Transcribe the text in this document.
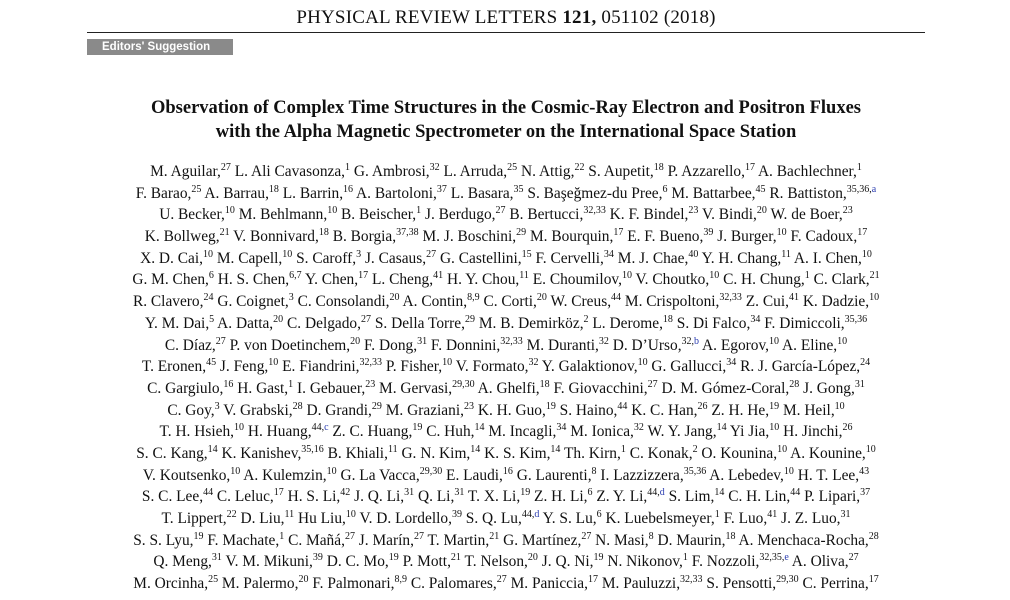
PHYSICAL REVIEW LETTERS 121, 051102 (2018)
Editors' Suggestion
Observation of Complex Time Structures in the Cosmic-Ray Electron and Positron Fluxes
with the Alpha Magnetic Spectrometer on the International Space Station
M. Aguilar,$^{27}$ L. Ali Cavasonza,$^1$ G. Ambrosi,$^{32}$ L. Arruda,$^{25}$ N. Attig,$^{22}$ S. Aupetit,$^{18}$ P. Azzarello,$^{17}$ A. Bachlechner,$^1$
F. Barao,$^{25}$ A. Barrau,$^{18}$ L. Barrin,$^{16}$ A. Bartoloni,$^{37}$ L. Basara,$^{35}$ S. Başeğmez-du Pree,$^6$ M. Battarbee,$^{45}$ R. Battiston,$^{35,36,a}$
U. Becker,$^{10}$ M. Behlmann,$^{10}$ B. Beischer,$^1$ J. Berdugo,$^{27}$ B. Bertucci,$^{32,33}$ K. F. Bindel,$^{23}$ V. Bindi,$^{20}$ W. de Boer,$^{23}$
K. Bollweg,$^{21}$ V. Bonnivard,$^{18}$ B. Borgia,$^{37,38}$ M. J. Boschini,$^{29}$ M. Bourquin,$^{17}$ E. F. Bueno,$^{39}$ J. Burger,$^{10}$ F. Cadoux,$^{17}$
X. D. Cai,$^{10}$ M. Capell,$^{10}$ S. Caroff,$^3$ J. Casaus,$^{27}$ G. Castellini,$^{15}$ F. Cervelli,$^{34}$ M. J. Chae,$^{40}$ Y. H. Chang,$^{11}$ A. I. Chen,$^{10}$
G. M. Chen,$^6$ H. S. Chen,$^{6,7}$ Y. Chen,$^{17}$ L. Cheng,$^{41}$ H. Y. Chou,$^{11}$ E. Choumilov,$^{10}$ V. Choutko,$^{10}$ C. H. Chung,$^1$ C. Clark,$^{21}$
R. Clavero,$^{24}$ G. Coignet,$^3$ C. Consolandi,$^{20}$ A. Contin,$^{8,9}$ C. Corti,$^{20}$ W. Creus,$^{44}$ M. Crispoltoni,$^{32,33}$ Z. Cui,$^{41}$ K. Dadzie,$^{10}$
Y. M. Dai,$^5$ A. Datta,$^{20}$ C. Delgado,$^{27}$ S. Della Torre,$^{29}$ M. B. Demirköz,$^2$ L. Derome,$^{18}$ S. Di Falco,$^{34}$ F. Dimiccoli,$^{35,36}$
C. Díaz,$^{27}$ P. von Doetinchem,$^{20}$ F. Dong,$^{31}$ F. Donnini,$^{32,33}$ M. Duranti,$^{32}$ D. D’Urso,$^{32,b}$ A. Egorov,$^{10}$ A. Eline,$^{10}$
T. Eronen,$^{45}$ J. Feng,$^{10}$ E. Fiandrini,$^{32,33}$ P. Fisher,$^{10}$ V. Formato,$^{32}$ Y. Galaktionov,$^{10}$ G. Gallucci,$^{34}$ R. J. García-López,$^{24}$
C. Gargiulo,$^{16}$ H. Gast,$^1$ I. Gebauer,$^{23}$ M. Gervasi,$^{29,30}$ A. Ghelfi,$^{18}$ F. Giovacchini,$^{27}$ D. M. Gómez-Coral,$^{28}$ J. Gong,$^{31}$
C. Goy,$^3$ V. Grabski,$^{28}$ D. Grandi,$^{29}$ M. Graziani,$^{23}$ K. H. Guo,$^{19}$ S. Haino,$^{44}$ K. C. Han,$^{26}$ Z. H. He,$^{19}$ M. Heil,$^{10}$
T. H. Hsieh,$^{10}$ H. Huang,$^{44,c}$ Z. C. Huang,$^{19}$ C. Huh,$^{14}$ M. Incagli,$^{34}$ M. Ionica,$^{32}$ W. Y. Jang,$^{14}$ Yi Jia,$^{10}$ H. Jinchi,$^{26}$
S. C. Kang,$^{14}$ K. Kanishev,$^{35,16}$ B. Khiali,$^{11}$ G. N. Kim,$^{14}$ K. S. Kim,$^{14}$ Th. Kirn,$^1$ C. Konak,$^2$ O. Kounina,$^{10}$ A. Kounine,$^{10}$
V. Koutsenko,$^{10}$ A. Kulemzin,$^{10}$ G. La Vacca,$^{29,30}$ E. Laudi,$^{16}$ G. Laurenti,$^8$ I. Lazzizzera,$^{35,36}$ A. Lebedev,$^{10}$ H. T. Lee,$^{43}$
S. C. Lee,$^{44}$ C. Leluc,$^{17}$ H. S. Li,$^{42}$ J. Q. Li,$^{31}$ Q. Li,$^{31}$ T. X. Li,$^{19}$ Z. H. Li,$^6$ Z. Y. Li,$^{44,d}$ S. Lim,$^{14}$ C. H. Lin,$^{44}$ P. Lipari,$^{37}$
T. Lippert,$^{22}$ D. Liu,$^{11}$ Hu Liu,$^{10}$ V. D. Lordello,$^{39}$ S. Q. Lu,$^{44,d}$ Y. S. Lu,$^6$ K. Luebelsmeyer,$^1$ F. Luo,$^{41}$ J. Z. Luo,$^{31}$
S. S. Lyu,$^{19}$ F. Machate,$^1$ C. Mañá,$^{27}$ J. Marín,$^{27}$ T. Martin,$^{21}$ G. Martínez,$^{27}$ N. Masi,$^8$ D. Maurin,$^{18}$ A. Menchaca-Rocha,$^{28}$
Q. Meng,$^{31}$ V. M. Mikuni,$^{39}$ D. C. Mo,$^{19}$ P. Mott,$^{21}$ T. Nelson,$^{20}$ J. Q. Ni,$^{19}$ N. Nikonov,$^1$ F. Nozzoli,$^{32,35,e}$ A. Oliva,$^{27}$
M. Orcinha,$^{25}$ M. Palermo,$^{20}$ F. Palmonari,$^{8,9}$ C. Palomares,$^{27}$ M. Paniccia,$^{17}$ M. Pauluzzi,$^{32,33}$ S. Pensotti,$^{29,30}$ C. Perrina,$^{17}$
